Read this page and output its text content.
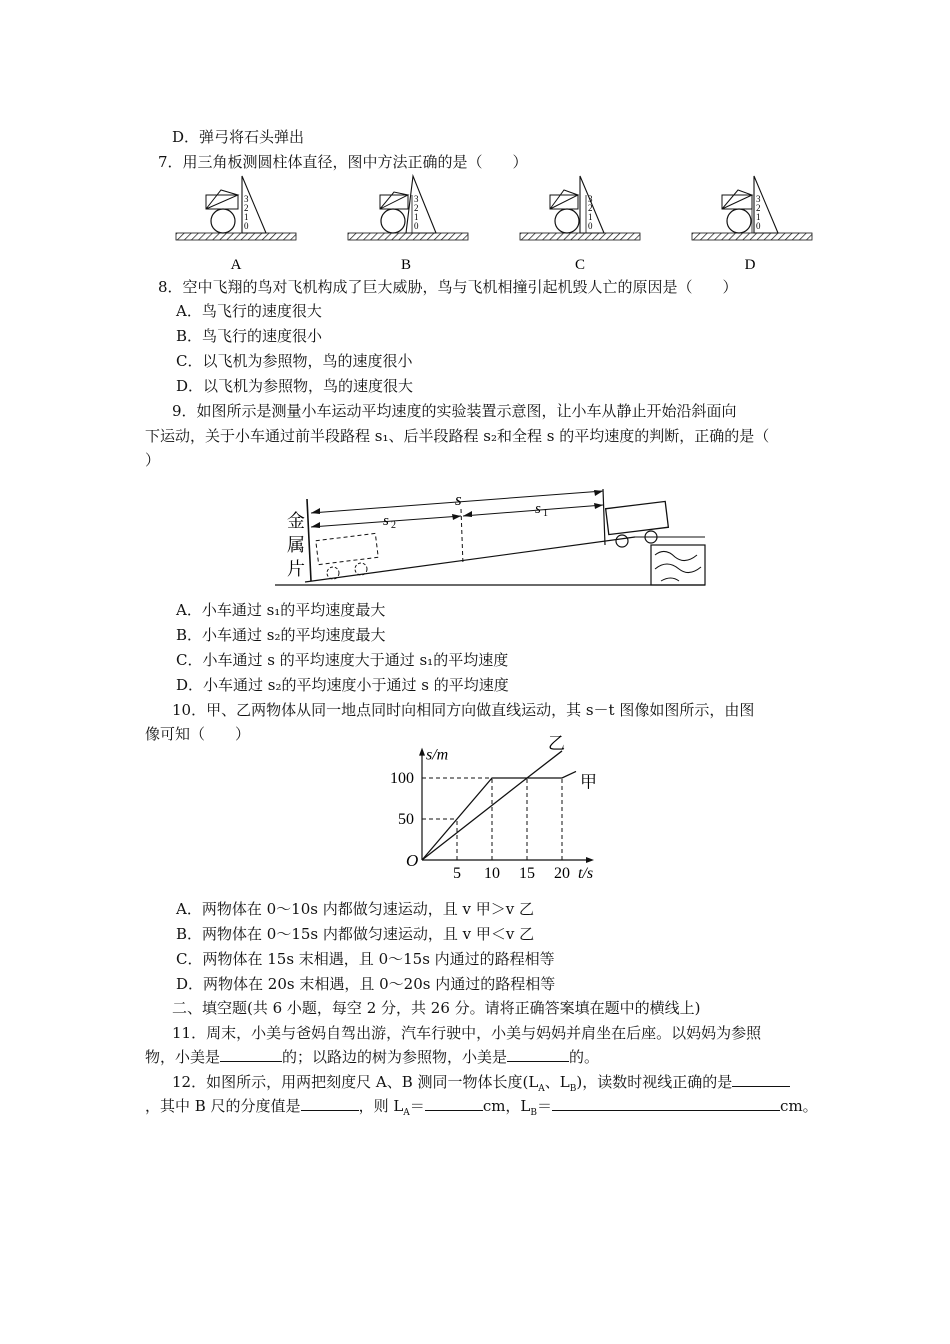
D．弹弓将石头弹出
7．用三角板测圆柱体直径，图中方法正确的是（　　）
3
2
1
0
3
2
1
0
3
2
1
0
3
2
1
0
A	B	C	D
8．空中飞翔的鸟对飞机构成了巨大威胁，鸟与飞机相撞引起机毁人亡的原因是（　　）
A．鸟飞行的速度很大
B．鸟飞行的速度很小
C．以飞机为参照物，鸟的速度很小
D．以飞机为参照物，鸟的速度很大
9．如图所示是测量小车运动平均速度的实验装置示意图，让小车从静止开始沿斜面向
下运动，关于小车通过前半段路程 s₁、后半段路程 s₂和全程 s 的平均速度的判断，正确的是（
）
金
属
片
s
s 2
s 1
A．小车通过 s₁的平均速度最大
B．小车通过 s₂的平均速度最大
C．小车通过 s 的平均速度大于通过 s₁的平均速度
D．小车通过 s₂的平均速度小于通过 s 的平均速度
10．甲、乙两物体从同一地点同时向相同方向做直线运动，其 s－t 图像如图所示，由图
像可知（　　）
s/m
t/s
O
5 10 15 20
50
100	甲
乙
A．两物体在 0～10s 内都做匀速运动，且 v 甲＞v 乙
B．两物体在 0～15s 内都做匀速运动，且 v 甲＜v 乙
C．两物体在 15s 末相遇，且 0～15s 内通过的路程相等
D．两物体在 20s 末相遇，且 0～20s 内通过的路程相等
二、填空题(共 6 小题，每空 2 分，共 26 分。请将正确答案填在题中的横线上)
11．周末，小美与爸妈自驾出游，汽车行驶中，小美与妈妈并肩坐在后座。以妈妈为参照
物，小美是	的；以路边的树为参照物，小美是	的。
12．如图所示，用两把刻度尺 A、B 测同一物体长度($L_A$、$L_B$)，读数时视线正确的是
，其中 B 尺的分度值是	，则 $L_A=$	cm，$L_B=$	cm。
